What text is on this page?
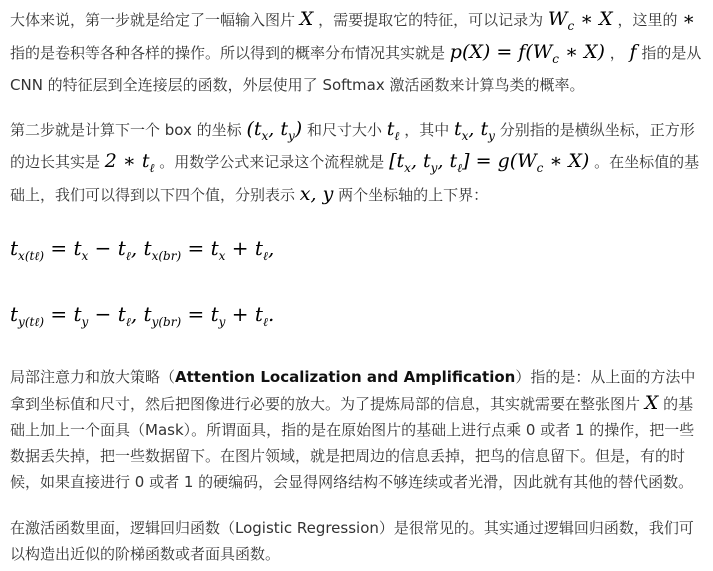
大体来说，第一步就是给定了一幅输入图片 X ，需要提取它的特征，可以记录为 $W_c$ ∗ X ，这里的 ∗ 指的是卷积等各种各样的操作。所以得到的概率分布情况其实就是 $p(X) = f(W_c$ ∗ X) ， f 指的是从 CNN 的特征层到全连接层的函数，外层使用了 Softmax 激活函数来计算鸟类的概率。

第二步就是计算下一个 box 的坐标 ($t_x$, $t_y$) 和尺寸大小 $t_\ell$ ，其中 $t_x$, $t_y$ 分别指的是横纵坐标，正方形的边长其实是 2 ∗ $t_\ell$ 。用数学公式来记录这个流程就是 [$t_x$, $t_y$, $t_\ell] = g(W_c$ ∗ X) 。在坐标值的基础上，我们可以得到以下四个值，分别表示 x, y 两个坐标轴的上下界：

$t_{x(t\ell)} = t_x - t_\ell$, $t_{x(br)} = t_x + t_\ell$,
$t_{y(t\ell)} = t_y - t_\ell$, $t_{y(br)} = t_y + t_\ell$.

局部注意力和放大策略（Attention Localization and Amplification）指的是：从上面的方法中拿到坐标值和尺寸，然后把图像进行必要的放大。为了提炼局部的信息，其实就需要在整张图片 X 的基础上加上一个面具（Mask）。所谓面具，指的是在原始图片的基础上进行点乘 0 或者 1 的操作，把一些数据丢失掉，把一些数据留下。在图片领域，就是把周边的信息丢掉，把鸟的信息留下。但是，有的时候，如果直接进行 0 或者 1 的硬编码，会显得网络结构不够连续或者光滑，因此就有其他的替代函数。

在激活函数里面，逻辑回归函数（Logistic Regression）是很常见的。其实通过逻辑回归函数，我们可以构造出近似的阶梯函数或者面具函数。
